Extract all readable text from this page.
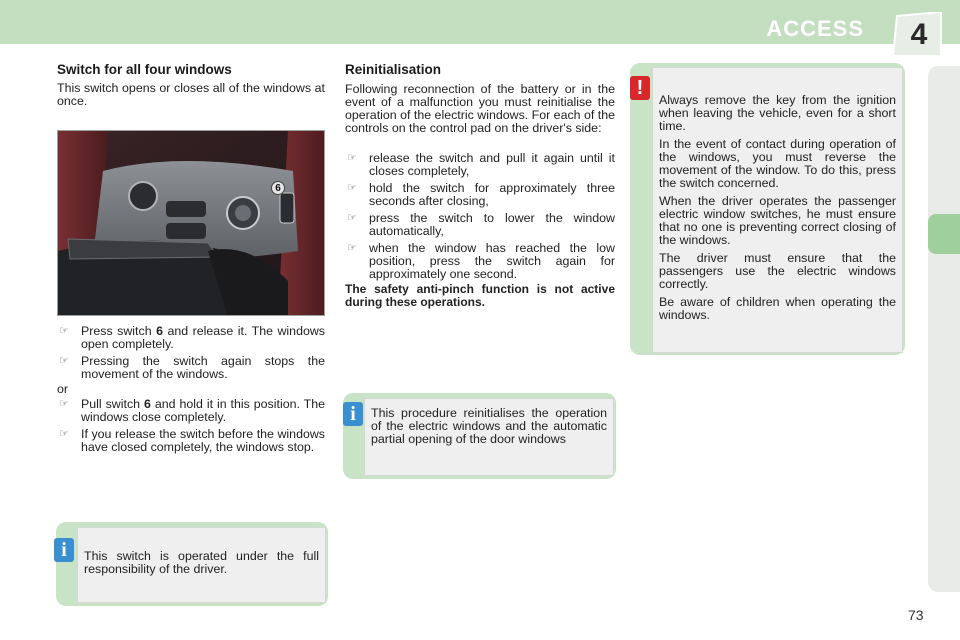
ACCESS	4
Switch for all four windows
This switch opens or closes all of the windows at once.
6
☞ Press switch 6 and release it. The windows open completely.
☞ Pressing the switch again stops the movement of the windows.
or
☞ Pull switch 6 and hold it in this position. The windows close completely.
☞ If you release the switch before the windows have closed completely, the windows stop.
This switch is operated under the full responsibility of the driver.
i
Reinitialisation
Following reconnection of the battery or in the event of a malfunction you must reinitialise the operation of the electric windows. For each of the controls on the control pad on the driver's side:
☞ release the switch and pull it again until it closes completely,
☞ hold the switch for approximately three seconds after closing,
☞ press the switch to lower the window automatically,
☞ when the window has reached the low position, press the switch again for approximately one second.
The safety anti-pinch function is not active during these operations.
This procedure reinitialises the operation of the electric windows and the automatic partial opening of the door windows
i

Always remove the key from the ignition when leaving the vehicle, even for a short time.

In the event of contact during operation of the windows, you must reverse the movement of the window. To do this, press the switch concerned.

When the driver operates the passenger electric window switches, he must ensure that no one is preventing correct closing of the windows.

The driver must ensure that the passengers use the electric windows correctly.

Be aware of children when operating the windows.

!
73
